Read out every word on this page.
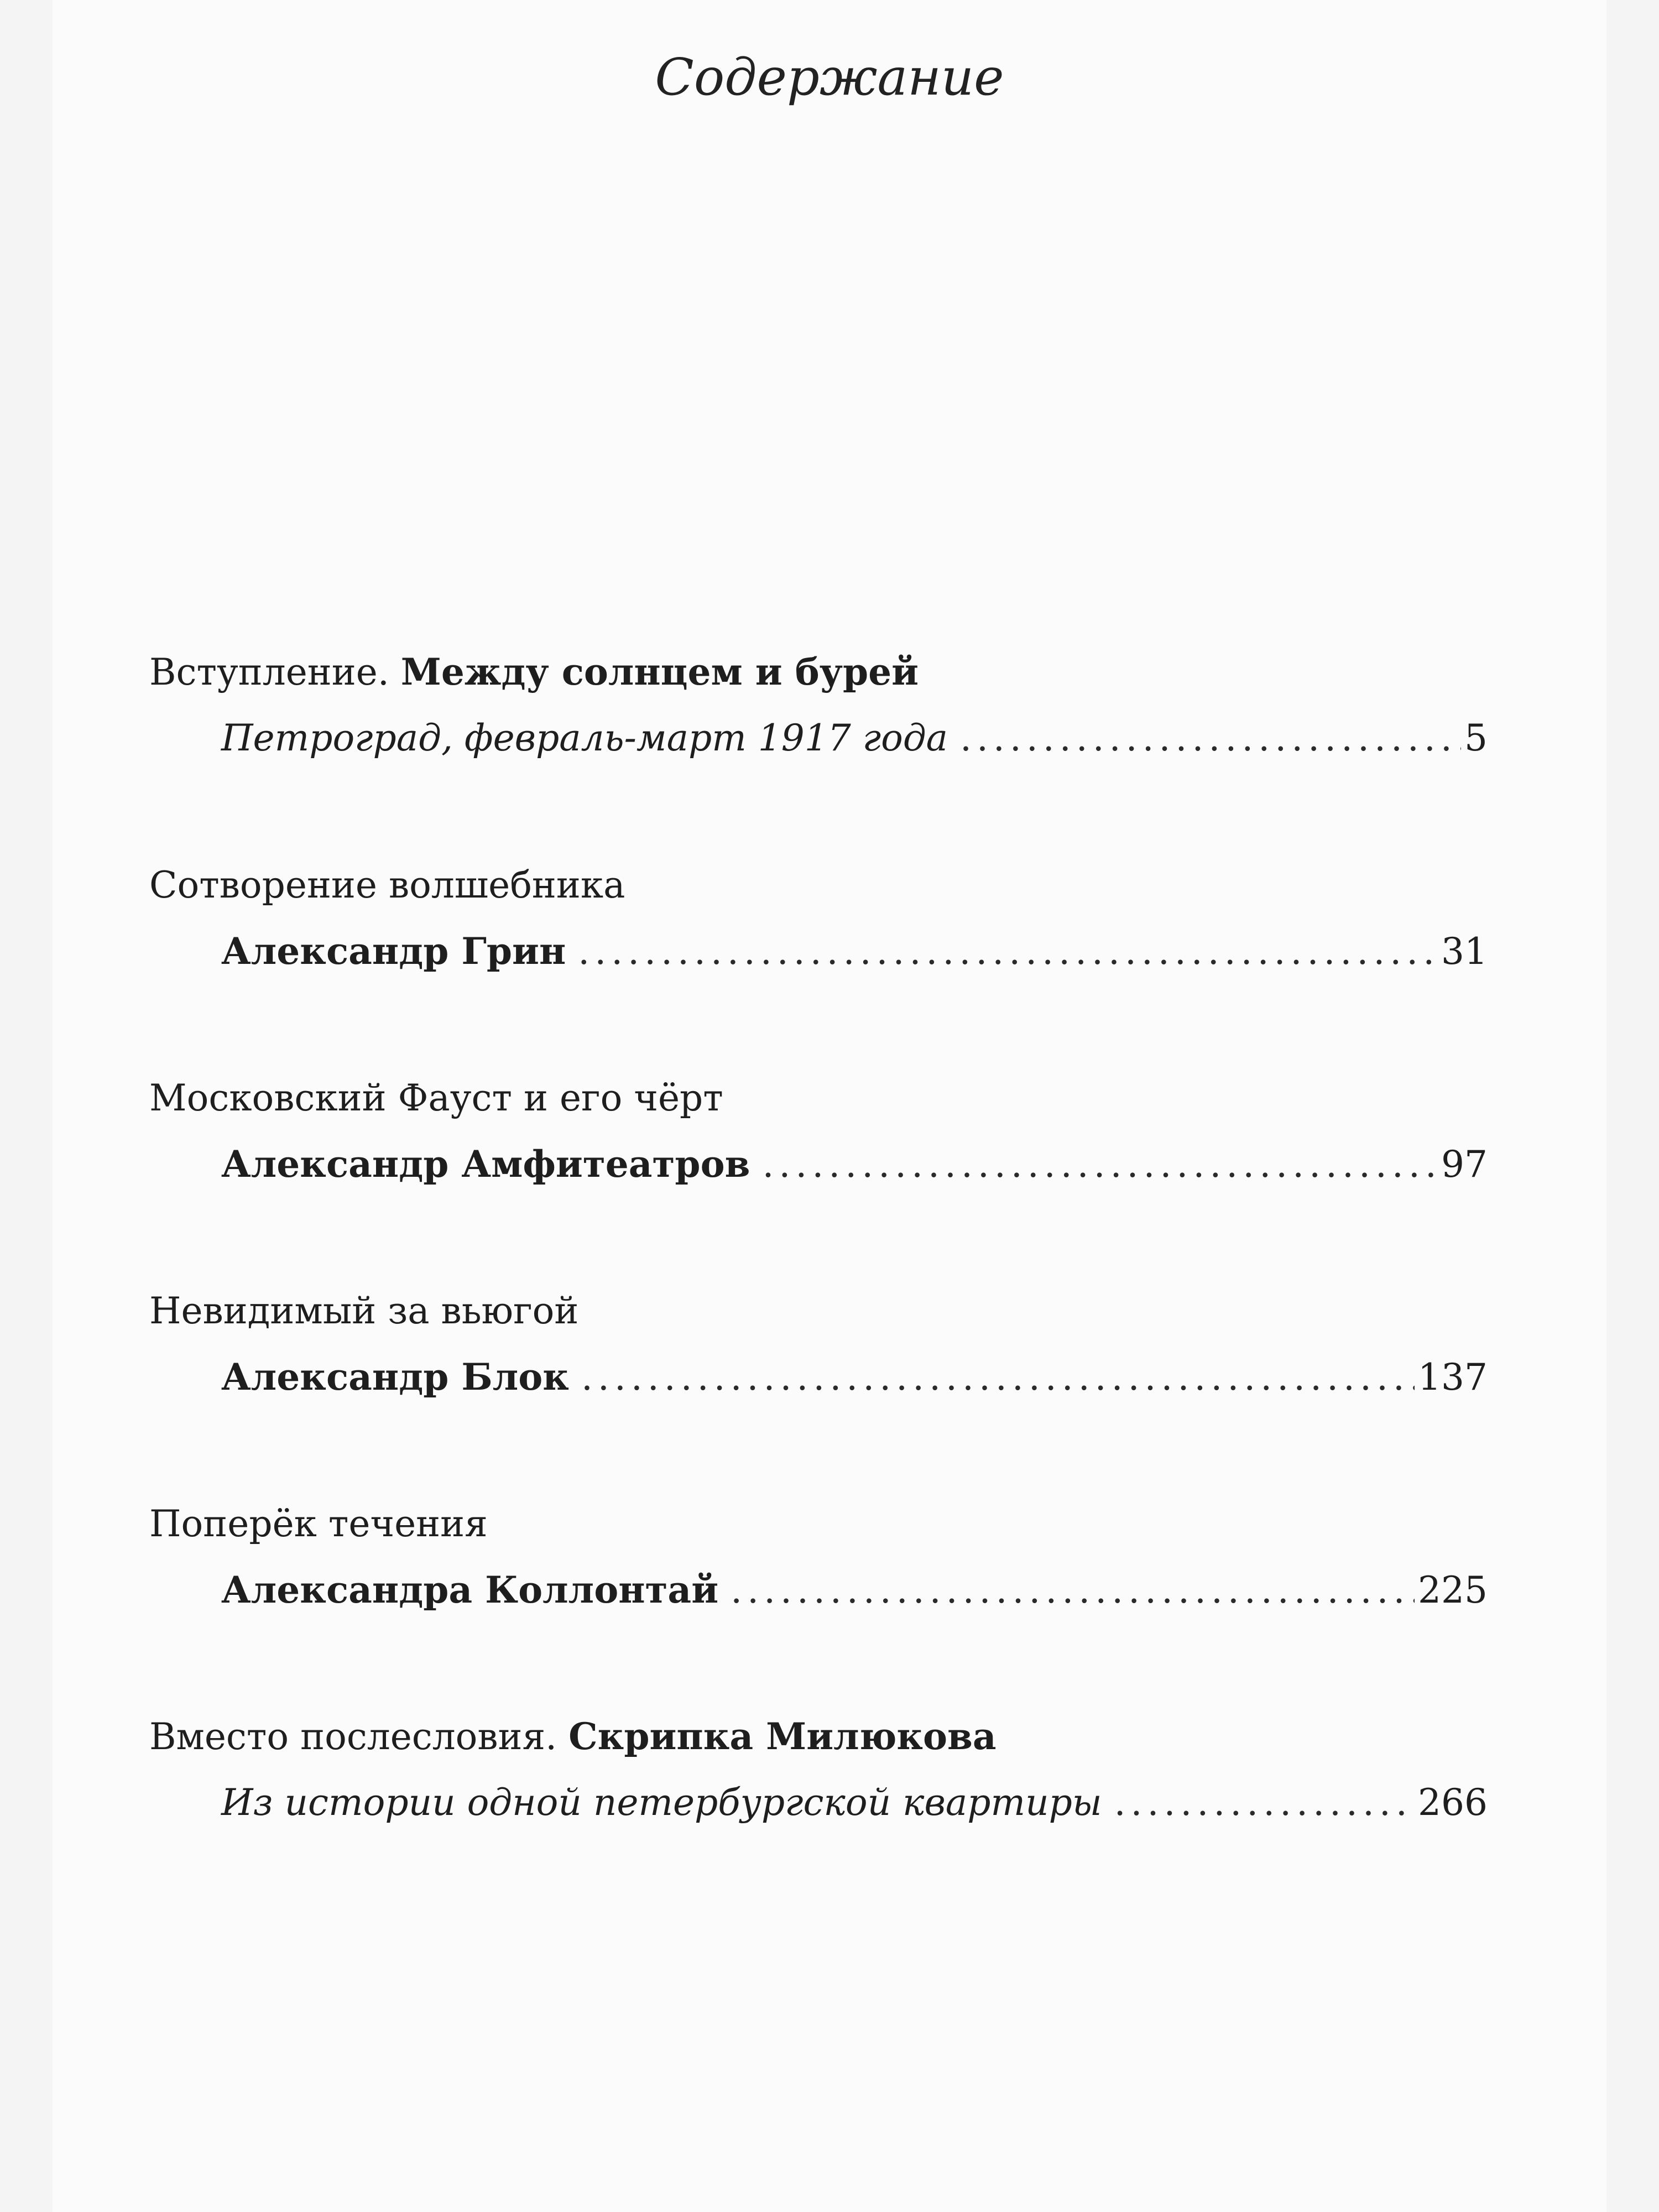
Содержание
Вступление. Между солнцем и бурей
Петроград, февраль-март 1917 года . . .	5
Сотворение волшебника
Александр Грин . . .	31
Московский Фауст и его чёрт
Александр Амфитеатров . . .	97
Невидимый за вьюгой
Александр Блок . . .	137
Поперёк течения
Александра Коллонтай . . .	225
Вместо послесловия. Скрипка Милюкова
Из истории одной петербургской квартиры . . .	266
